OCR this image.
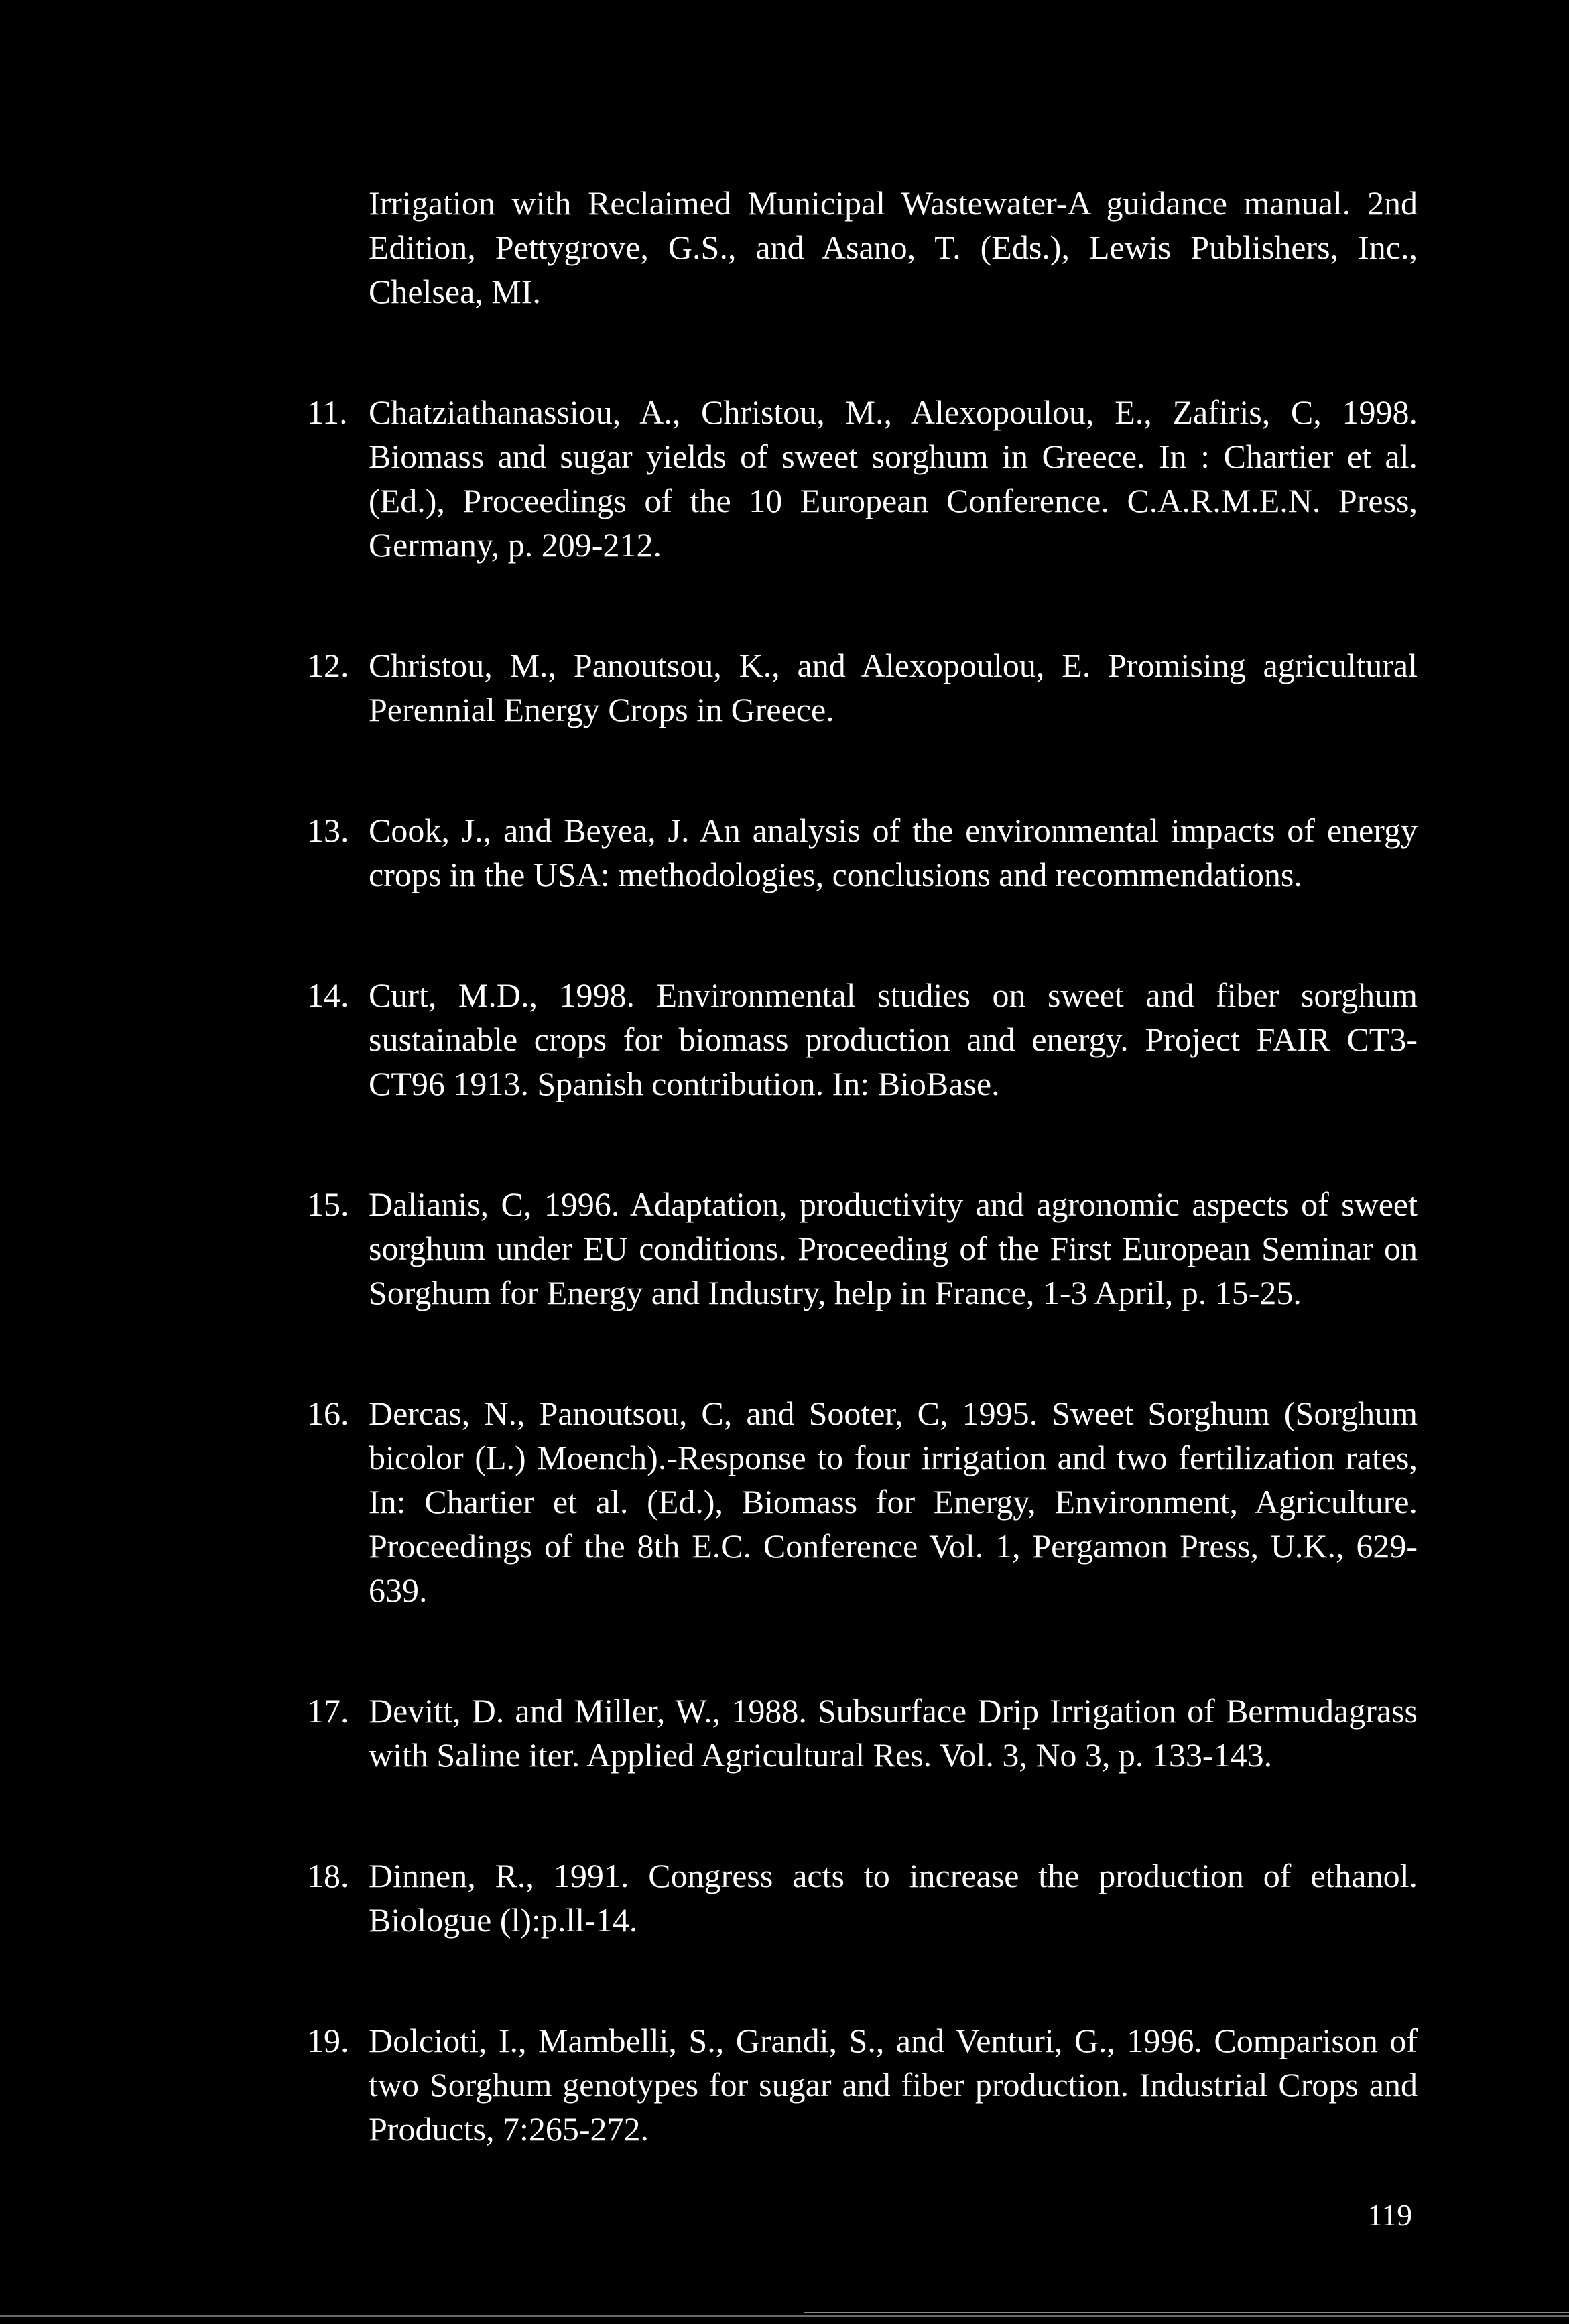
Irrigation with Reclaimed Municipal Wastewater-A guidance manual. 2nd Edition, Pettygrove, G.S., and Asano, T. (Eds.), Lewis Publishers, Inc., Chelsea, MI.

11. Chatziathanassiou, A., Christou, M., Alexopoulou, E., Zafiris, C, 1998. Biomass and sugar yields of sweet sorghum in Greece. In : Chartier et al. (Ed.), Proceedings of the 10 European Conference. C.A.R.M.E.N. Press, Germany, p. 209-212.
12. Christou, M., Panoutsou, K., and Alexopoulou, E. Promising agricultural Perennial Energy Crops in Greece.
13. Cook, J., and Beyea, J. An analysis of the environmental impacts of energy crops in the USA: methodologies, conclusions and recommendations.
14. Curt, M.D., 1998. Environmental studies on sweet and fiber sorghum sustainable crops for biomass production and energy. Project FAIR CT3-CT96 1913. Spanish contribution. In: BioBase.
15. Dalianis, C, 1996. Adaptation, productivity and agronomic aspects of sweet sorghum under EU conditions. Proceeding of the First European Seminar on Sorghum for Energy and Industry, help in France, 1-3 April, p. 15-25.
16. Dercas, N., Panoutsou, C, and Sooter, C, 1995. Sweet Sorghum (Sorghum bicolor (L.) Moench).-Response to four irrigation and two fertilization rates, In: Chartier et al. (Ed.), Biomass for Energy, Environment, Agriculture. Proceedings of the 8th E.C. Conference Vol. 1, Pergamon Press, U.K., 629-639.
17. Devitt, D. and Miller, W., 1988. Subsurface Drip Irrigation of Bermudagrass with Saline iter. Applied Agricultural Res. Vol. 3, No 3, p. 133-143.
18. Dinnen, R., 1991. Congress acts to increase the production of ethanol. Biologue (l):p.ll-14.
19. Dolcioti, I., Mambelli, S., Grandi, S., and Venturi, G., 1996. Comparison of two Sorghum genotypes for sugar and fiber production. Industrial Crops and Products, 7:265-272.
119
